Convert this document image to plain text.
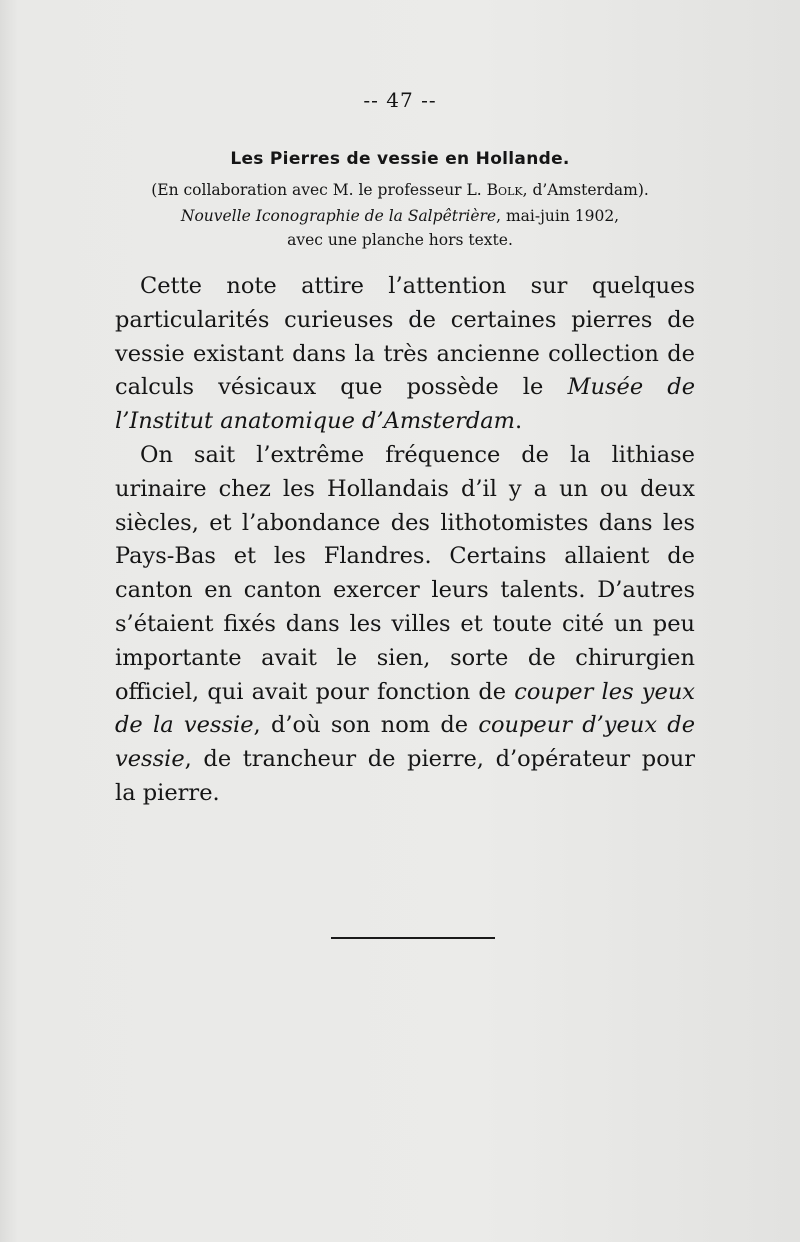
-- 47 --
Les Pierres de vessie en Hollande.
(En collaboration avec M. le professeur L. Bolk, d’Amsterdam).
Nouvelle Iconographie de la Salpêtrière, mai-juin 1902,
avec une planche hors texte.

Cette note attire l’attention sur quelques particularités curieuses de certaines pierres de vessie existant dans la très ancienne collection de calculs vésicaux que possède le Musée de l’Institut anatomique d’Amsterdam.

On sait l’extrême fréquence de la lithiase urinaire chez les Hollandais d’il y a un ou deux siècles, et l’abondance des lithotomistes dans les Pays-Bas et les Flandres. Certains allaient de canton en canton exercer leurs talents. D’autres s’étaient fixés dans les villes et toute cité un peu importante avait le sien, sorte de chirurgien officiel, qui avait pour fonction de couper les yeux de la vessie, d’où son nom de coupeur d’yeux de vessie, de trancheur de pierre, d’opérateur pour la pierre.
